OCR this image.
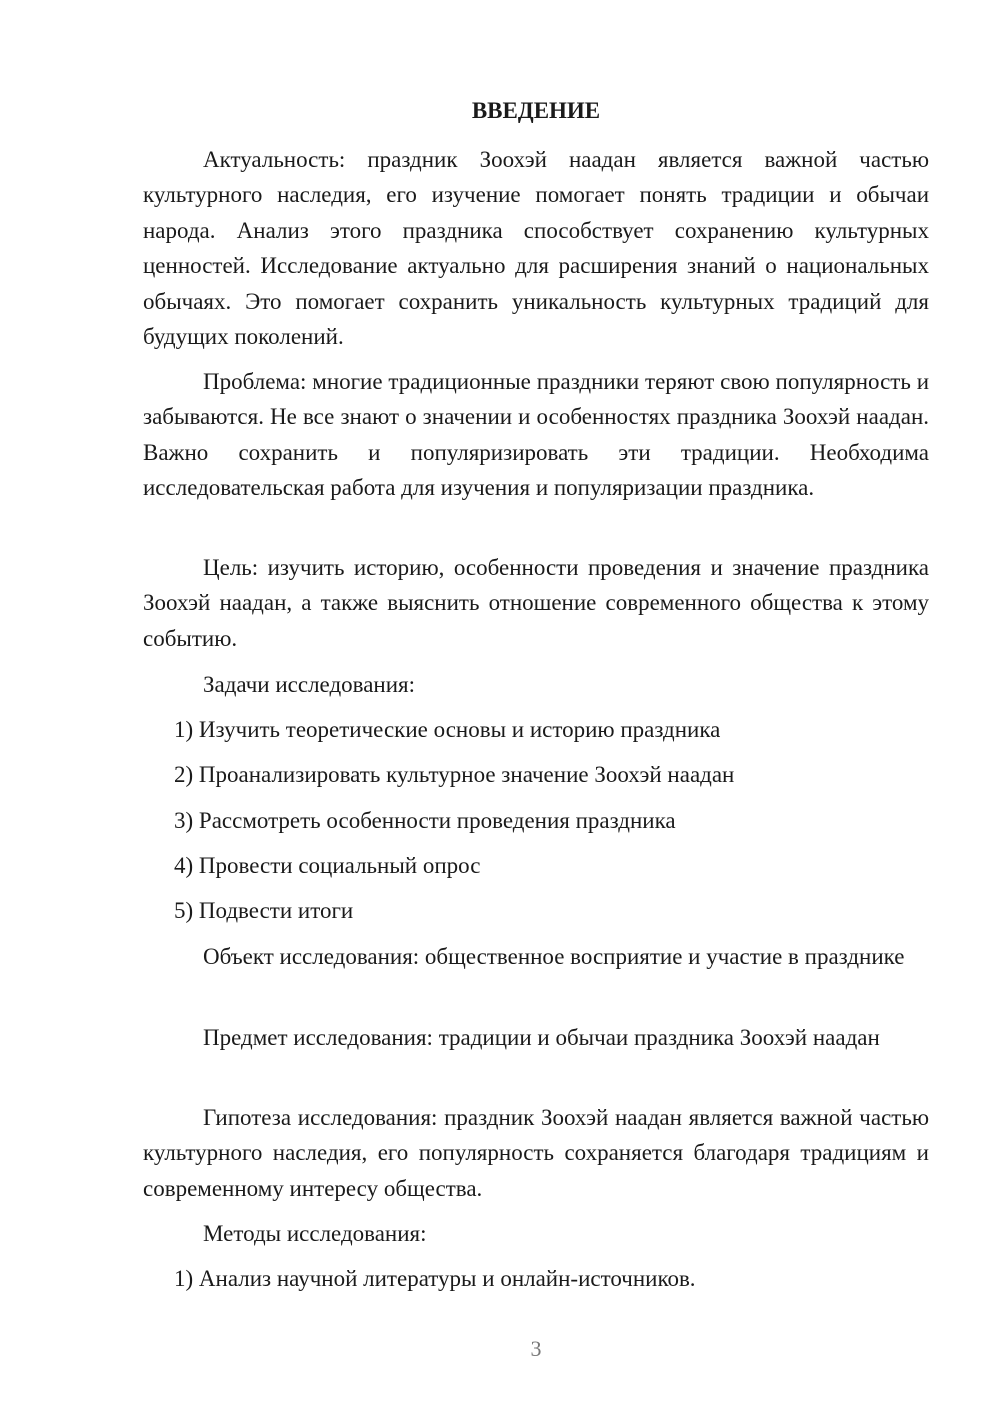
ВВЕДЕНИЕ

Актуальность: праздник Зоохэй наадан является важной частью культурного наследия, его изучение помогает понять традиции и обычаи народа. Анализ этого праздника способствует сохранению культурных ценностей. Исследование актуально для расширения знаний о национальных обычаях. Это помогает сохранить уникальность культурных традиций для будущих поколений.

Проблема: многие традиционные праздники теряют свою популярность и забываются. Не все знают о значении и особенностях праздника Зоохэй наадан. Важно сохранить и популяризировать эти традиции. Необходима исследовательская работа для изучения и популяризации праздника.

Цель: изучить историю, особенности проведения и значение праздника Зоохэй наадан, а также выяснить отношение современного общества к этому событию.

Задачи исследования:

1) Изучить теоретические основы и историю праздника

2) Проанализировать культурное значение Зоохэй наадан

3) Рассмотреть особенности проведения праздника

4) Провести социальный опрос

5) Подвести итоги

Объект исследования: общественное восприятие и участие в празднике

Предмет исследования: традиции и обычаи праздника Зоохэй наадан

Гипотеза исследования: праздник Зоохэй наадан является важной частью культурного наследия, его популярность сохраняется благодаря традициям и современному интересу общества.

Методы исследования:

1) Анализ научной литературы и онлайн-источников.

3
